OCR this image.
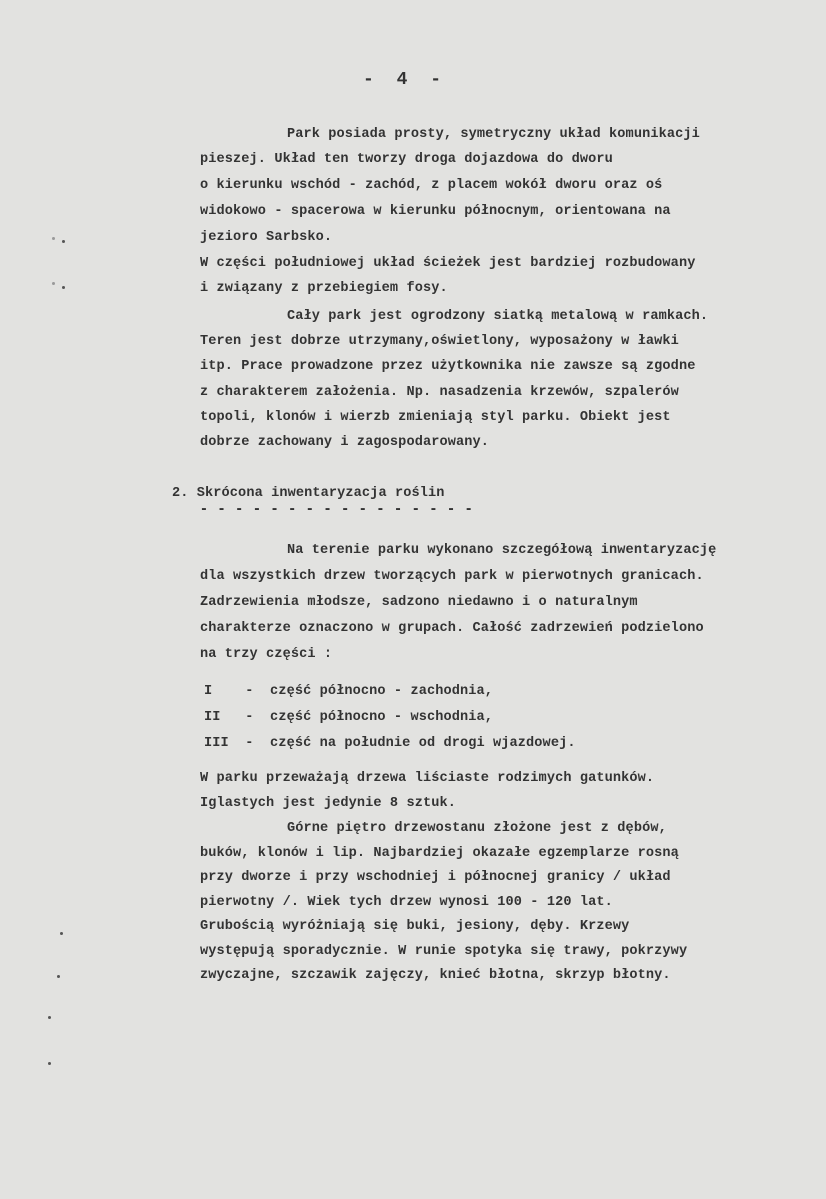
- 4 -
Park posiada prosty, symetryczny układ komunikacji
pieszej. Układ ten tworzy droga dojazdowa do dworu
o kierunku wschód - zachód, z placem wokół dworu oraz oś
widokowo - spacerowa w kierunku północnym, orientowana na
jezioro Sarbsko.
W części południowej układ ścieżek jest bardziej rozbudowany
i związany z przebiegiem fosy.
Cały park jest ogrodzony siatką metalową w ramkach.
Teren jest dobrze utrzymany,oświetlony, wyposażony w ławki
itp. Prace prowadzone przez użytkownika nie zawsze są zgodne
z charakterem założenia. Np. nasadzenia krzewów, szpalerów
topoli, klonów i wierzb zmieniają styl parku. Obiekt jest
dobrze zachowany i zagospodarowany.
2. Skrócona inwentaryzacja roślin
- - - - - - - - - - - - - - - -
Na terenie parku wykonano szczegółową inwentaryzację
dla wszystkich drzew tworzących park w pierwotnych granicach.
Zadrzewienia młodsze, sadzono niedawno i o naturalnym
charakterze oznaczono w grupach. Całość zadrzewień podzielono
na trzy części :
I    -  część północno - zachodnia,
II   -  część północno - wschodnia,
III  -  część na południe od drogi wjazdowej.
W parku przeważają drzewa liściaste rodzimych gatunków.
Iglastych jest jedynie 8 sztuk.
Górne piętro drzewostanu złożone jest z dębów,
buków, klonów i lip. Najbardziej okazałe egzemplarze rosną
przy dworze i przy wschodniej i północnej granicy / układ
pierwotny /. Wiek tych drzew wynosi 100 - 120 lat.
Grubością wyróżniają się buki, jesiony, dęby. Krzewy
występują sporadycznie. W runie spotyka się trawy, pokrzywy
zwyczajne, szczawik zajęczy, knieć błotna, skrzyp błotny.
